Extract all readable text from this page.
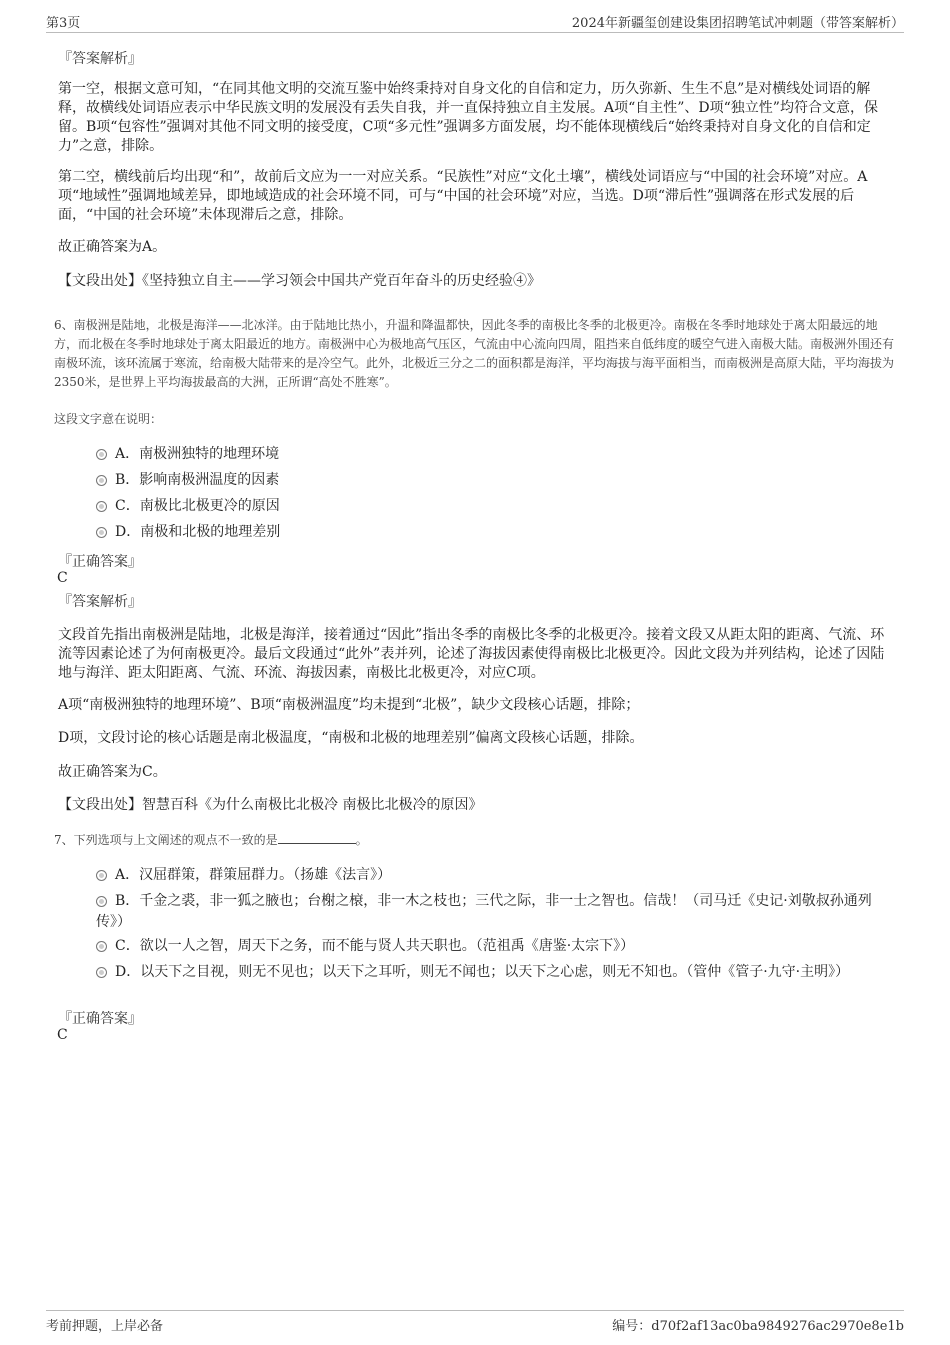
第3页	2024年新疆玺创建设集团招聘笔试冲刺题（带答案解析）
『答案解析』

第一空，根据文意可知，“在同其他文明的交流互鉴中始终秉持对自身文化的自信和定力，历久弥新、生生不息”是对横线处词语的解释，故横线处词语应表示中华民族文明的发展没有丢失自我，并一直保持独立自主发展。A项“自主性”、D项“独立性”均符合文意，保留。B项“包容性”强调对其他不同文明的接受度，C项“多元性”强调多方面发展，均不能体现横线后“始终秉持对自身文化的自信和定力”之意，排除。

第二空，横线前后均出现“和”，故前后文应为一一对应关系。“民族性”对应“文化土壤”，横线处词语应与“中国的社会环境”对应。A项“地域性”强调地域差异，即地域造成的社会环境不同，可与“中国的社会环境”对应，当选。D项“滞后性”强调落在形式发展的后面，“中国的社会环境”未体现滞后之意，排除。

故正确答案为A。
【文段出处】《坚持独立自主——学习领会中国共产党百年奋斗的历史经验④》

6、南极洲是陆地，北极是海洋——北冰洋。由于陆地比热小，升温和降温都快，因此冬季的南极比冬季的北极更冷。南极在冬季时地球处于离太阳最远的地方，而北极在冬季时地球处于离太阳最近的地方。南极洲中心为极地高气压区，气流由中心流向四周，阻挡来自低纬度的暖空气进入南极大陆。南极洲外围还有南极环流，该环流属于寒流，给南极大陆带来的是冷空气。此外，北极近三分之二的面积都是海洋，平均海拔与海平面相当，而南极洲是高原大陆，平均海拔为2350米，是世界上平均海拔最高的大洲，正所谓“高处不胜寒”。

这段文字意在说明：
A．南极洲独特的地理环境
B．影响南极洲温度的因素
C．南极比北极更冷的原因
D．南极和北极的地理差别
『正确答案』
C
『答案解析』

文段首先指出南极洲是陆地，北极是海洋，接着通过“因此”指出冬季的南极比冬季的北极更冷。接着文段又从距太阳的距离、气流、环流等因素论述了为何南极更冷。最后文段通过“此外”表并列，论述了海拔因素使得南极比北极更冷。因此文段为并列结构，论述了因陆地与海洋、距太阳距离、气流、环流、海拔因素，南极比北极更冷，对应C项。

A项“南极洲独特的地理环境”、B项“南极洲温度”均未提到“北极”，缺少文段核心话题，排除；
D项，文段讨论的核心话题是南北极温度，“南极和北极的地理差别”偏离文段核心话题，排除。
故正确答案为C。
【文段出处】智慧百科《为什么南极比北极冷 南极比北极冷的原因》
7、下列选项与上文阐述的观点不一致的是	。
A．汉屈群策，群策屈群力。（扬雄《法言》）
B．千金之裘，非一狐之腋也；台榭之榱，非一木之枝也；三代之际，非一士之智也。信哉！（司马迁《史记·刘敬叔孙通列传》）
C．欲以一人之智，周天下之务，而不能与贤人共天职也。（范祖禹《唐鉴·太宗下》）
D．以天下之目视，则无不见也；以天下之耳听，则无不闻也；以天下之心虑，则无不知也。（管仲《管子·九守·主明》）
『正确答案』
C
考前押题，上岸必备	编号：d70f2af13ac0ba9849276ac2970e8e1b
